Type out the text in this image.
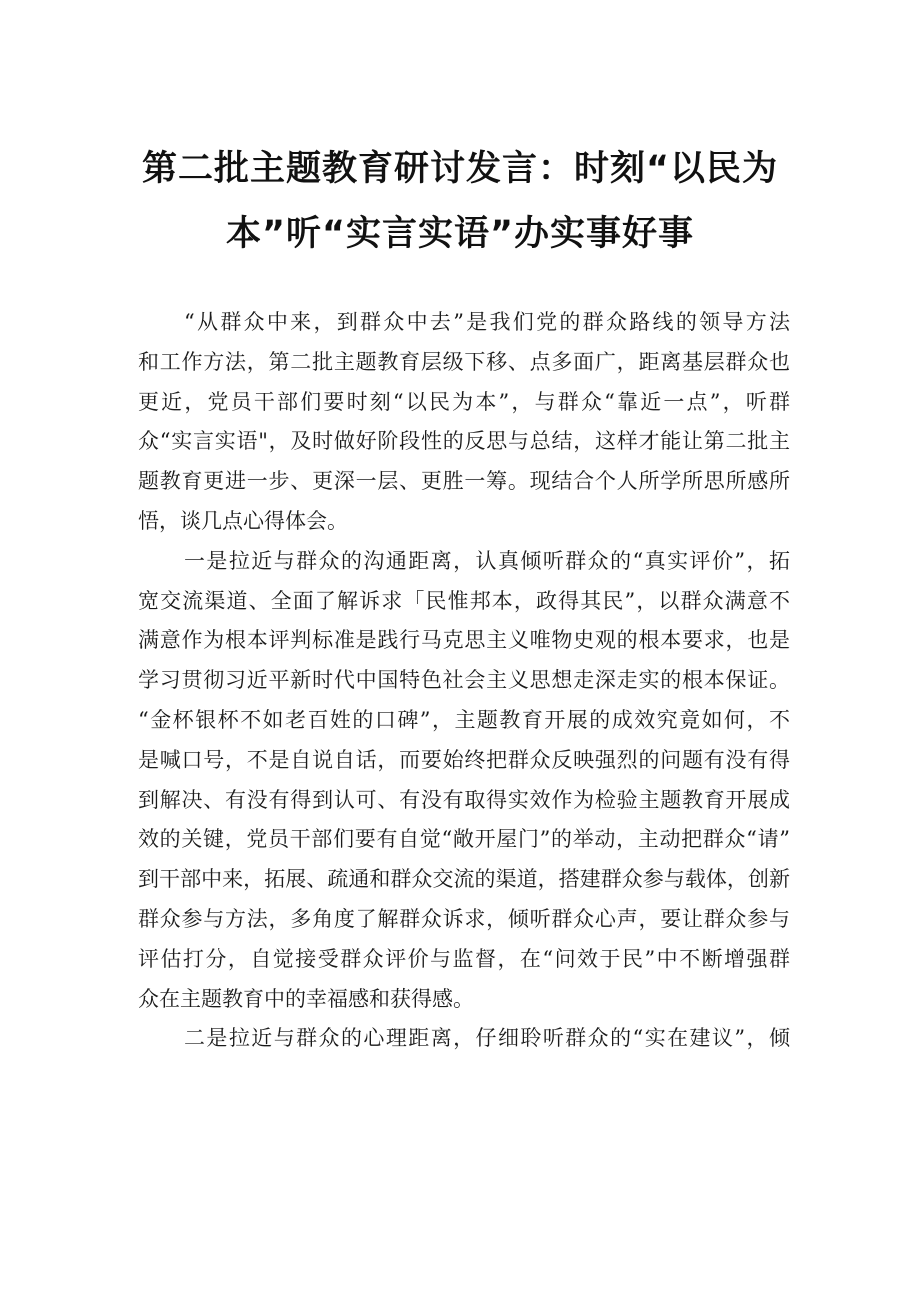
第二批主题教育研讨发言：时刻“以民为
本”听“实言实语”办实事好事
“从群众中来，到群众中去”是我们党的群众路线的领导方法
和工作方法，第二批主题教育层级下移、点多面广，距离基层群众也
更近，党员干部们要时刻“以民为本”，与群众“靠近一点”，听群
众“实言实语"，及时做好阶段性的反思与总结，这样才能让第二批主
题教育更进一步、更深一层、更胜一筹。现结合个人所学所思所感所
悟，谈几点心得体会。
一是拉近与群众的沟通距离，认真倾听群众的“真实评价”，拓
宽交流渠道、全面了解诉求「民惟邦本，政得其民”，以群众满意不
满意作为根本评判标准是践行马克思主义唯物史观的根本要求，也是
学习贯彻习近平新时代中国特色社会主义思想走深走实的根本保证。
“金杯银杯不如老百姓的口碑”，主题教育开展的成效究竟如何，不
是喊口号，不是自说自话，而要始终把群众反映强烈的问题有没有得
到解决、有没有得到认可、有没有取得实效作为检验主题教育开展成
效的关键，党员干部们要有自觉“敞开屋门”的举动，主动把群众“请”
到干部中来，拓展、疏通和群众交流的渠道，搭建群众参与载体，创新
群众参与方法，多角度了解群众诉求，倾听群众心声，要让群众参与
评估打分，自觉接受群众评价与监督，在“问效于民”中不断增强群
众在主题教育中的幸福感和获得感。
二是拉近与群众的心理距离，仔细聆听群众的“实在建议”，倾
